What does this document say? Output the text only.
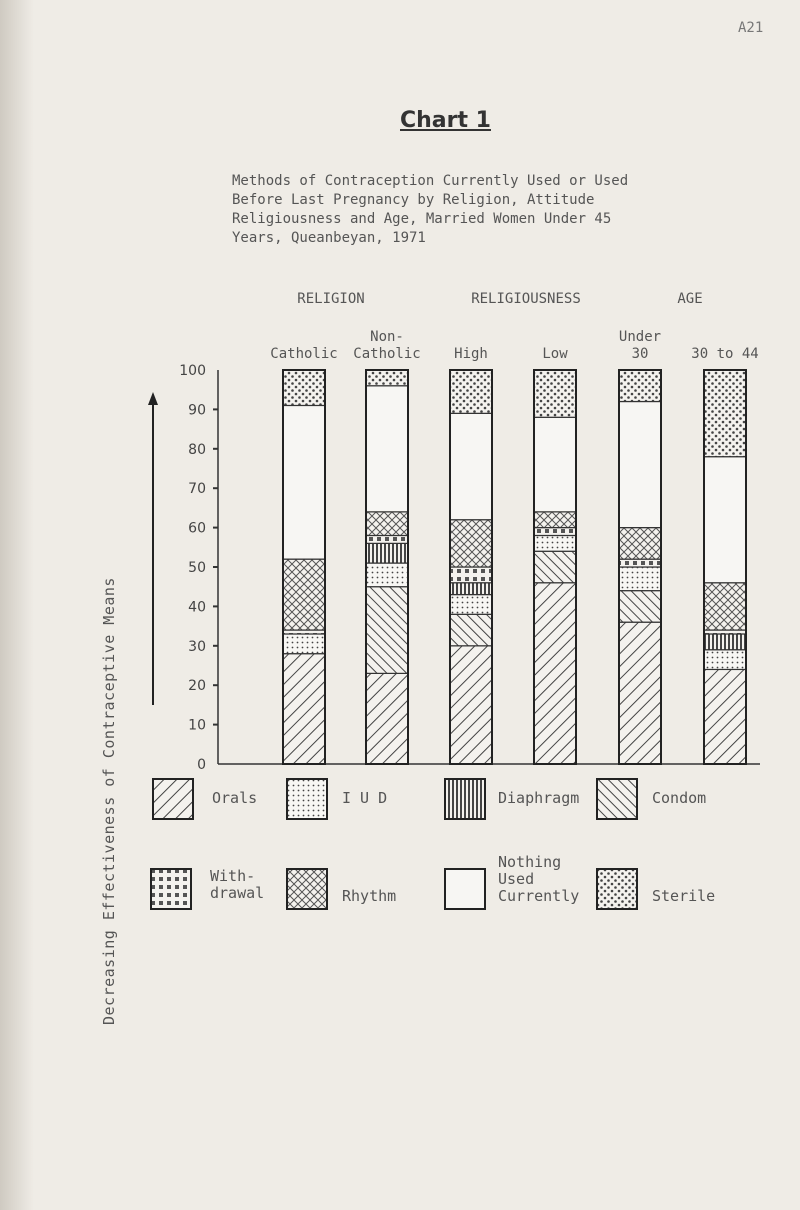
A21
Chart 1
Methods of Contraception Currently Used or Used
Before Last Pregnancy by Religion, Attitude
Religiousness and Age, Married Women Under 45
Years, Queanbeyan, 1971
Decreasing Effectiveness of Contraceptive Means	0
10
20
30
40
50
60
70
80
90
100
RELIGION	RELIGIOUSNESS	AGE
Catholic
Non-
Catholic High	Low
Under
30	30 to 44
Orals	I U D	Diaphragm	Condom
With-
drawal	Rhythm
Nothing
Used
Currently	Sterile
